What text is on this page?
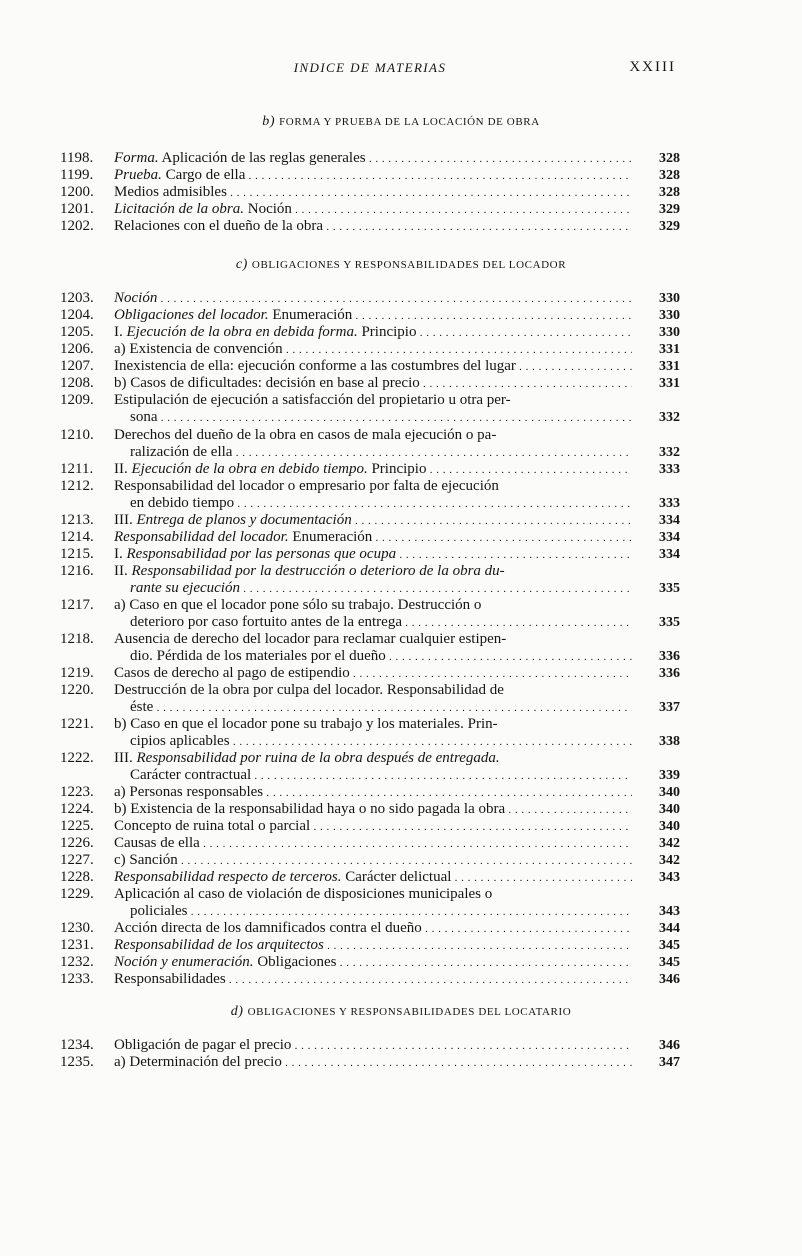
INDICE DE MATERIAS	XXIII
b) FORMA Y PRUEBA DE LA LOCACIÓN DE OBRA
c) OBLIGACIONES Y RESPONSABILIDADES DEL LOCADOR
d) OBLIGACIONES Y RESPONSABILIDADES DEL LOCATARIO
1198.	Forma. Aplicación de las reglas generales . . .	328
1199.	Prueba. Cargo de ella . . .	328
1200.	Medios admisibles . . .	328
1201.	Licitación de la obra. Noción . . .	329
1202.	Relaciones con el dueño de la obra . . .	329
1203.	Noción . . .	330
1204.	Obligaciones del locador. Enumeración . . .	330
1205.	I. Ejecución de la obra en debida forma. Principio . . .	330
1206.	a) Existencia de convención . . .	331
1207.	Inexistencia de ella: ejecución conforme a las costumbres del lugar . . .	331
1208.	b) Casos de dificultades: decisión en base al precio . . .	331
1209.	Estipulación de ejecución a satisfacción del propietario u otra per-
sona . . .	332
1210.	Derechos del dueño de la obra en casos de mala ejecución o pa-
ralización de ella . . .	332
1211.	II. Ejecución de la obra en debido tiempo. Principio . . .	333
1212.	Responsabilidad del locador o empresario por falta de ejecución
en debido tiempo . . .	333
1213.	III. Entrega de planos y documentación . . .	334
1214.	Responsabilidad del locador. Enumeración . . .	334
1215.	I. Responsabilidad por las personas que ocupa . . .	334
1216.	II. Responsabilidad por la destrucción o deterioro de la obra du-
rante su ejecución . . .	335
1217.	a) Caso en que el locador pone sólo su trabajo. Destrucción o
deterioro por caso fortuito antes de la entrega . . .	335
1218.	Ausencia de derecho del locador para reclamar cualquier estipen-
dio. Pérdida de los materiales por el dueño . . .	336
1219.	Casos de derecho al pago de estipendio . . .	336
1220.	Destrucción de la obra por culpa del locador. Responsabilidad de
éste . . .	337
1221.	b) Caso en que el locador pone su trabajo y los materiales. Prin-
cipios aplicables . . .	338
1222.	III. Responsabilidad por ruina de la obra después de entregada.
Carácter contractual . . .	339
1223.	a) Personas responsables . . .	340
1224.	b) Existencia de la responsabilidad haya o no sido pagada la obra . . .	340
1225.	Concepto de ruina total o parcial . . .	340
1226.	Causas de ella . . .	342
1227.	c) Sanción . . .	342
1228.	Responsabilidad respecto de terceros. Carácter delictual . . .	343
1229.	Aplicación al caso de violación de disposiciones municipales o
policiales . . .	343
1230.	Acción directa de los damnificados contra el dueño . . .	344
1231.	Responsabilidad de los arquitectos . . .	345
1232.	Noción y enumeración. Obligaciones . . .	345
1233.	Responsabilidades . . .	346
1234.	Obligación de pagar el precio . . .	346
1235.	a) Determinación del precio . . .	347
